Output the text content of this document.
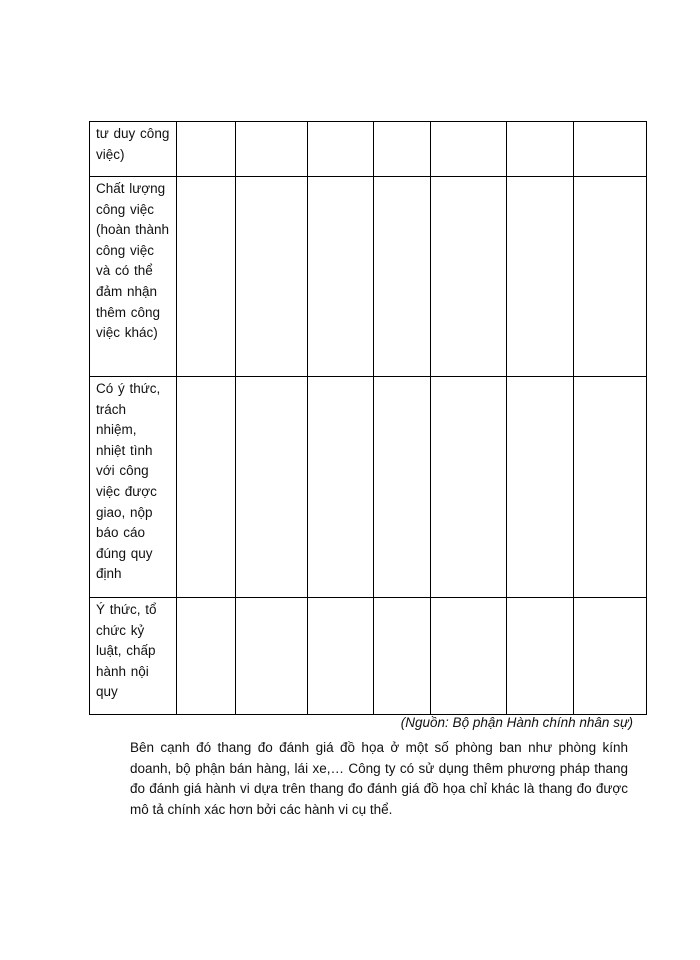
tư duy công việc)							
Chất lượng công việc (hoàn thành công việc và có thể đảm nhận thêm công việc khác)							
Có ý thức, trách nhiệm, nhiệt tình với công việc được giao, nộp báo cáo đúng quy định							
Ý thức, tổ chức kỷ luật, chấp hành nội quy							
(Nguồn: Bộ phận Hành chính nhân sự)

Bên cạnh đó thang đo đánh giá đồ họa ở một số phòng ban như phòng kính doanh, bộ phận bán hàng, lái xe,… Công ty có sử dụng thêm phương pháp thang đo đánh giá hành vi dựa trên thang đo đánh giá đồ họa chỉ khác là thang đo được mô tả chính xác hơn bởi các hành vi cụ thể.
